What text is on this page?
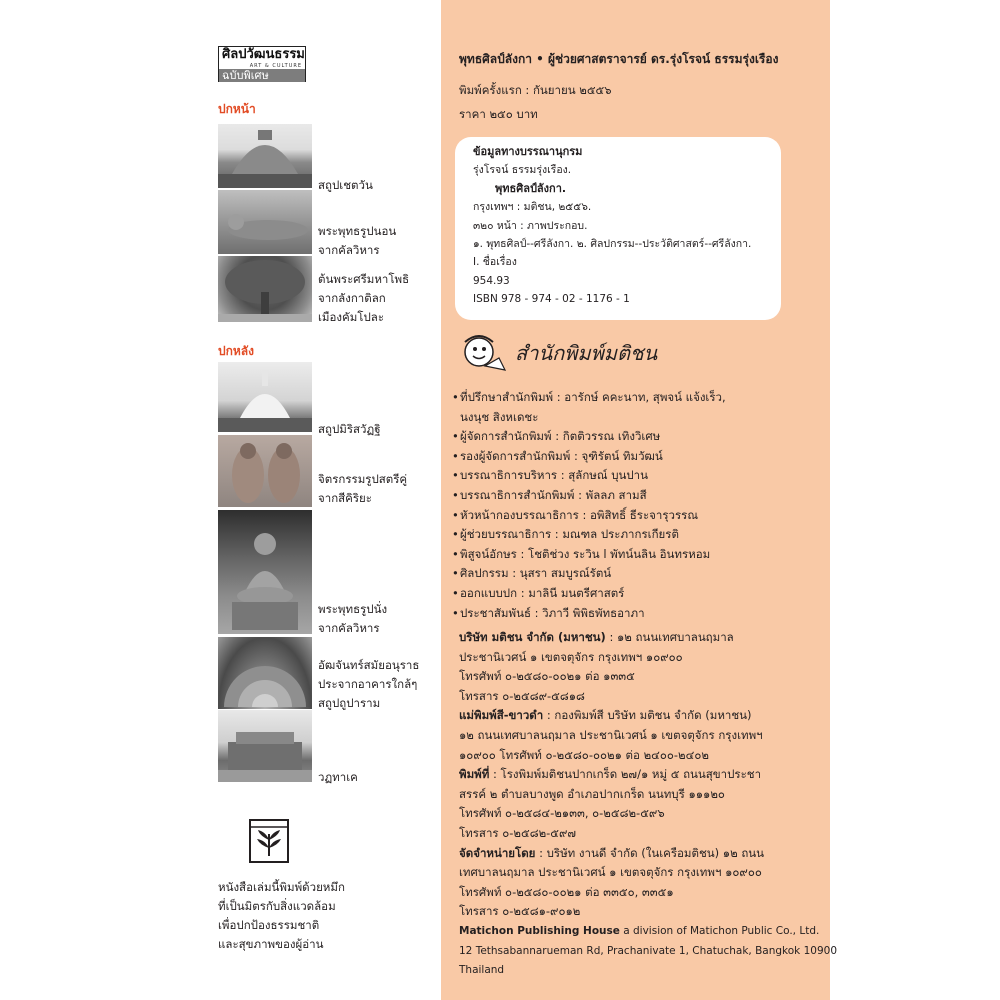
ศิลปวัฒนธรรม
ART & CULTURE
ฉบับพิเศษ
ปกหน้า
สถูปเชตวัน
พระพุทธรูปนอน
จากคัลวิหาร
ต้นพระศรีมหาโพธิ
จากลังกาติลก
เมืองคัมโปละ
ปกหลัง
สถูปมิริสวัฏฐิ
จิตรกรรมรูปสตรีคู่
จากสีคิริยะ
พระพุทธรูปนั่ง
จากคัลวิหาร
อัฒจันทร์สมัยอนุราธ
ประจากอาคารใกล้ๆ
สถูปถูปาราม
วฏทาเค
หนังสือเล่มนี้พิมพ์ด้วยหมึก
ที่เป็นมิตรกับสิ่งแวดล้อม
เพื่อปกป้องธรรมชาติ
และสุขภาพของผู้อ่าน
พุทธศิลป์ลังกา • ผู้ช่วยศาสตราจารย์ ดร.รุ่งโรจน์ ธรรมรุ่งเรือง
พิมพ์ครั้งแรก : กันยายน ๒๕๕๖
ราคา ๒๕๐ บาท
ข้อมูลทางบรรณานุกรม
รุ่งโรจน์ ธรรมรุ่งเรือง.
พุทธศิลป์ลังกา.
กรุงเทพฯ : มติชน, ๒๕๕๖.
๓๒๐ หน้า : ภาพประกอบ.
๑. พุทธศิลป์--ศรีลังกา. ๒. ศิลปกรรม--ประวัติศาสตร์--ศรีลังกา.
I. ชื่อเรื่อง
954.93
ISBN 978 - 974 - 02 - 1176 - 1
สำนักพิมพ์มติชน
•ที่ปรึกษาสำนักพิมพ์ : อารักษ์ คคะนาท, สุพจน์ แจ้งเร็ว,
นงนุช สิงหเดชะ
•ผู้จัดการสำนักพิมพ์ : กิตติวรรณ เทิงวิเศษ
•รองผู้จัดการสำนักพิมพ์ : จุฑิรัตน์ ทิมวัฒน์
•บรรณาธิการบริหาร : สุลักษณ์ บุนปาน
•บรรณาธิการสำนักพิมพ์ : พัลลภ สามสี
•หัวหน้ากองบรรณาธิการ : อพิสิทธิ์ ธีระจารุวรรณ
•ผู้ช่วยบรรณาธิการ : มณฑล ประภากรเกียรติ
•พิสูจน์อักษร : โชติช่วง ระวิน l พัทน์นลิน อินทรหอม
•ศิลปกรรม : นุสรา สมบูรณ์รัตน์
•ออกแบบปก : มาลินี มนตรีศาสตร์
•ประชาสัมพันธ์ : วิภาวี พิพิธพัทธอาภา
บริษัท มติชน จำกัด (มหาชน) : ๑๒ ถนนเทศบาลนฤมาล
ประชานิเวศน์ ๑ เขตจตุจักร กรุงเทพฯ ๑๐๙๐๐
โทรศัพท์ ๐-๒๕๘๐-๐๐๒๑ ต่อ ๑๓๓๕
โทรสาร ๐-๒๕๘๙-๕๘๑๘
แม่พิมพ์สี-ขาวดำ : กองพิมพ์สี บริษัท มติชน จำกัด (มหาชน)
๑๒ ถนนเทศบาลนฤมาล ประชานิเวศน์ ๑ เขตจตุจักร กรุงเทพฯ
๑๐๙๐๐ โทรศัพท์ ๐-๒๕๘๐-๐๐๒๑ ต่อ ๒๔๐๐-๒๔๐๒
พิมพ์ที่ : โรงพิมพ์มติชนปากเกร็ด ๒๗/๑ หมู่ ๕ ถนนสุขาประชา
สรรค์ ๒ ตำบลบางพูด อำเภอปากเกร็ด นนทบุรี ๑๑๑๒๐
โทรศัพท์ ๐-๒๕๘๔-๒๑๓๓, ๐-๒๕๘๒-๕๙๖
โทรสาร ๐-๒๕๘๒-๕๙๗
จัดจำหน่ายโดย : บริษัท งานดี จำกัด (ในเครือมติชน) ๑๒ ถนน
เทศบาลนฤมาล ประชานิเวศน์ ๑ เขตจตุจักร กรุงเทพฯ ๑๐๙๐๐
โทรศัพท์ ๐-๒๕๘๐-๐๐๒๑ ต่อ ๓๓๕๐, ๓๓๕๑
โทรสาร ๐-๒๕๘๑-๙๐๑๒
Matichon Publishing House a division of Matichon Public Co., Ltd.
12 Tethsabannarueman Rd, Prachanivate 1, Chatuchak, Bangkok 10900
Thailand
